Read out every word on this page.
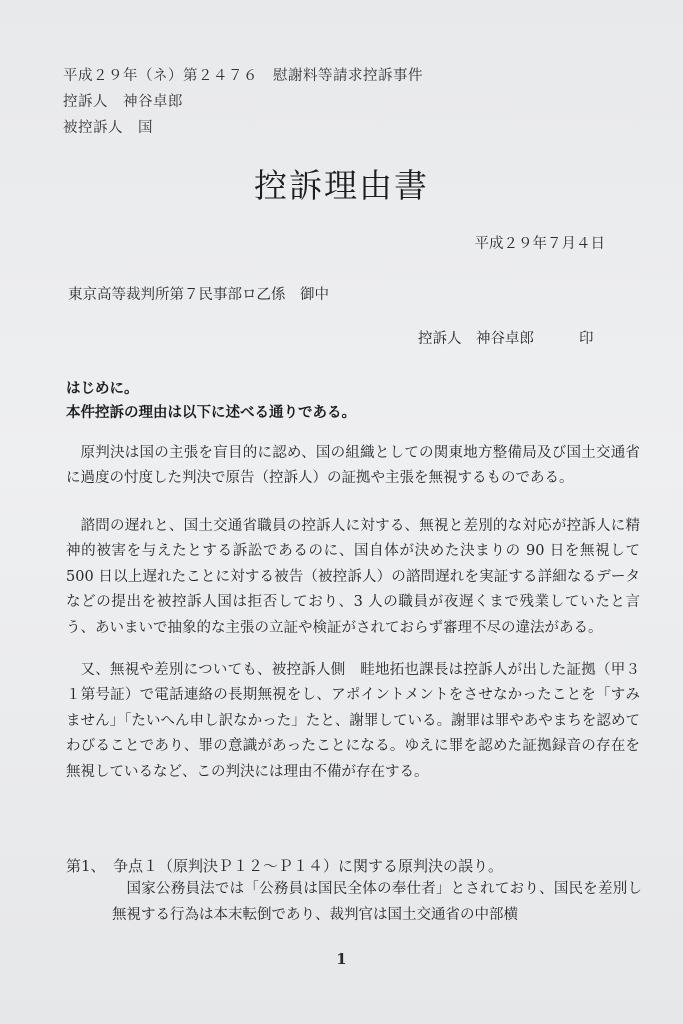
平成２９年（ネ）第２４７６　慰謝料等請求控訴事件
控訴人　神谷卓郎
被控訴人　国
控訴理由書
平成２９年７月４日
東京高等裁判所第７民事部ロ乙係　御中
控訴人　神谷卓郎	印
はじめに。
本件控訴の理由は以下に述べる通りである。
原判決は国の主張を盲目的に認め、国の組織としての関東地方整備局及び国土交通省に過度の忖度した判決で原告（控訴人）の証拠や主張を無視するものである。
諮問の遅れと、国土交通省職員の控訴人に対する、無視と差別的な対応が控訴人に精神的被害を与えたとする訴訟であるのに、国自体が決めた決まりの 90 日を無視して 500 日以上遅れたことに対する被告（被控訴人）の諮問遅れを実証する詳細なるデータなどの提出を被控訴人国は拒否しており、3 人の職員が夜遅くまで残業していたと言う、あいまいで抽象的な主張の立証や検証がされておらず審理不尽の違法がある。
又、無視や差別についても、被控訴人側　畦地拓也課長は控訴人が出した証拠（甲３１第号証）で電話連絡の長期無視をし、アポイントメントをさせなかったことを「すみません」「たいへん申し訳なかった」たと、謝罪している。謝罪は罪やあやまちを認めてわびることであり、罪の意識があったことになる。ゆえに罪を認めた証拠録音の存在を無視しているなど、この判決には理由不備が存在する。
第1、　争点１（原判決Ｐ１２～Ｐ１４）に関する原判決の誤り。
国家公務員法では「公務員は国民全体の奉仕者」とされており、国民を差別し無視する行為は本末転倒であり、裁判官は国土交通省の中部横
1
